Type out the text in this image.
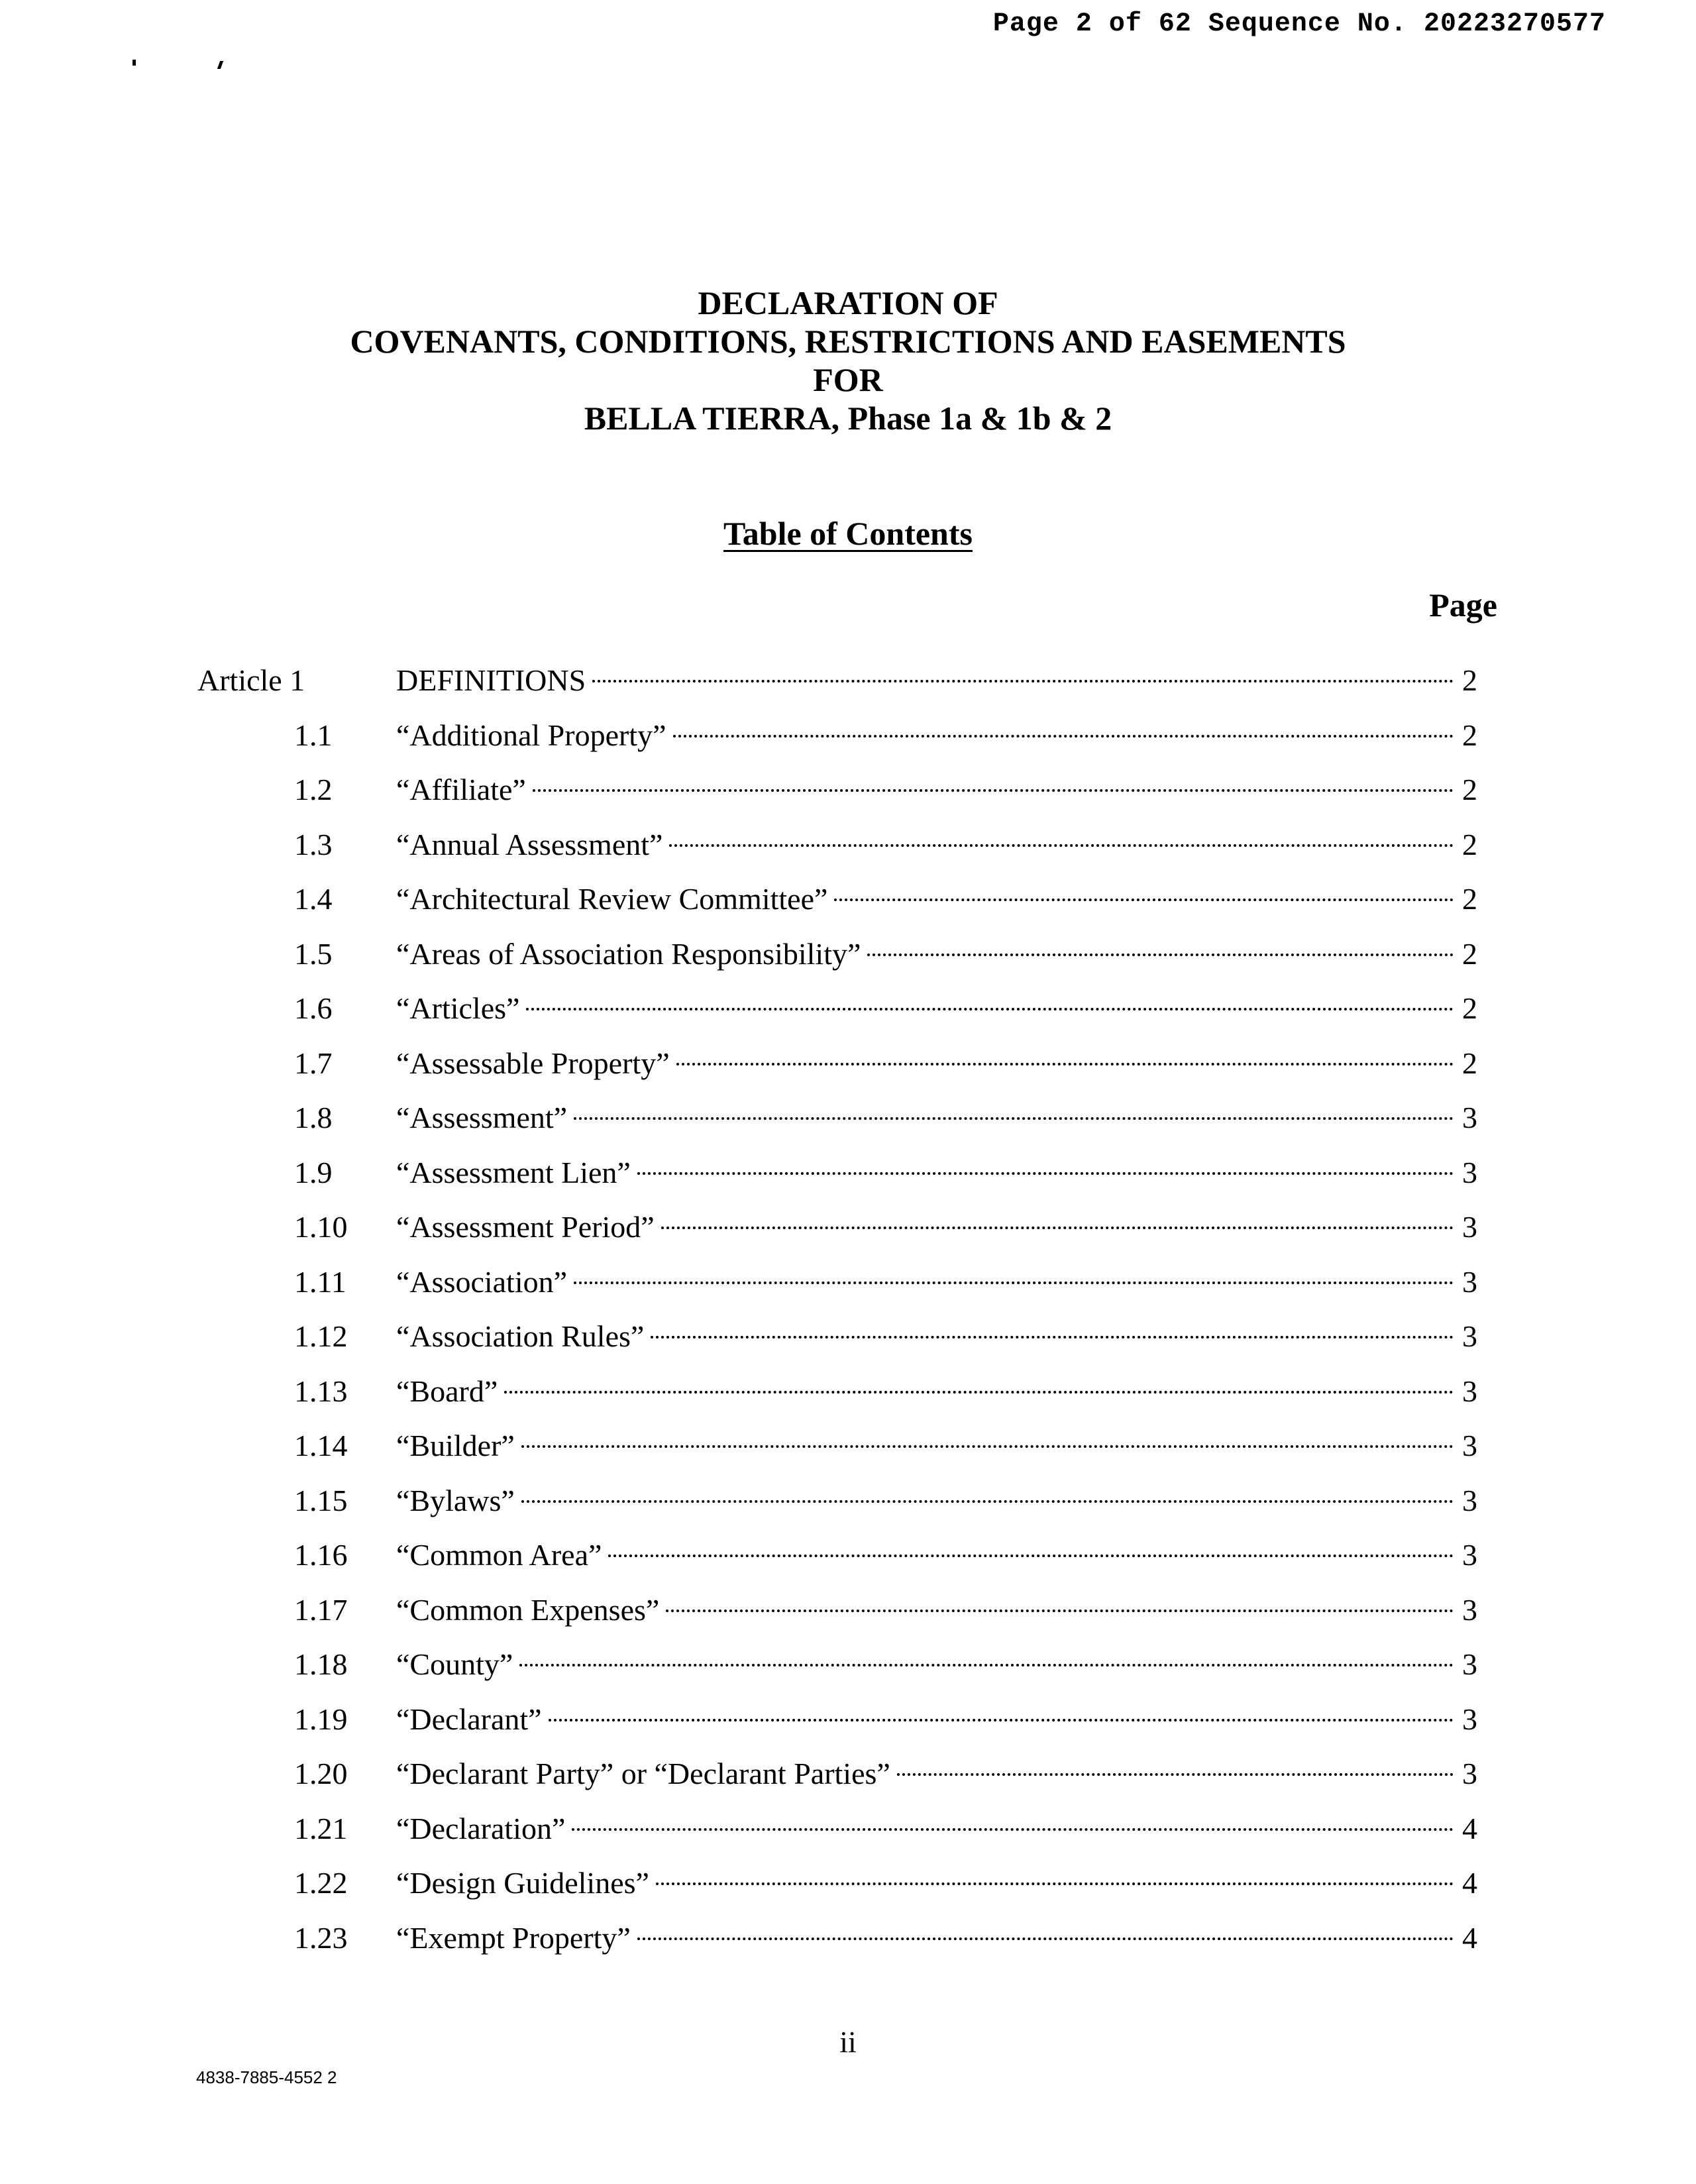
Page 2 of 62 Sequence No. 20223270577
DECLARATION OF
COVENANTS, CONDITIONS, RESTRICTIONS AND EASEMENTS
FOR
BELLA TIERRA, Phase 1a & 1b & 2
Table of Contents
Page
Article 1	DEFINITIONS	2
1.1 “Additional Property”	2
1.2 “Affiliate”	2
1.3 “Annual Assessment”	2
1.4 “Architectural Review Committee”	2
1.5 “Areas of Association Responsibility”	2
1.6 “Articles”	2
1.7 “Assessable Property”	2
1.8 “Assessment”	3
1.9 “Assessment Lien”	3
1.10 “Assessment Period”	3
1.11 “Association”	3
1.12 “Association Rules”	3
1.13 “Board”	3
1.14 “Builder”	3
1.15 “Bylaws”	3
1.16 “Common Area”	3
1.17 “Common Expenses”	3
1.18 “County”	3
1.19 “Declarant”	3
1.20 “Declarant Party” or “Declarant Parties”	3
1.21 “Declaration”	4
1.22 “Design Guidelines”	4
1.23 “Exempt Property”	4
ii
4838-7885-4552 2
